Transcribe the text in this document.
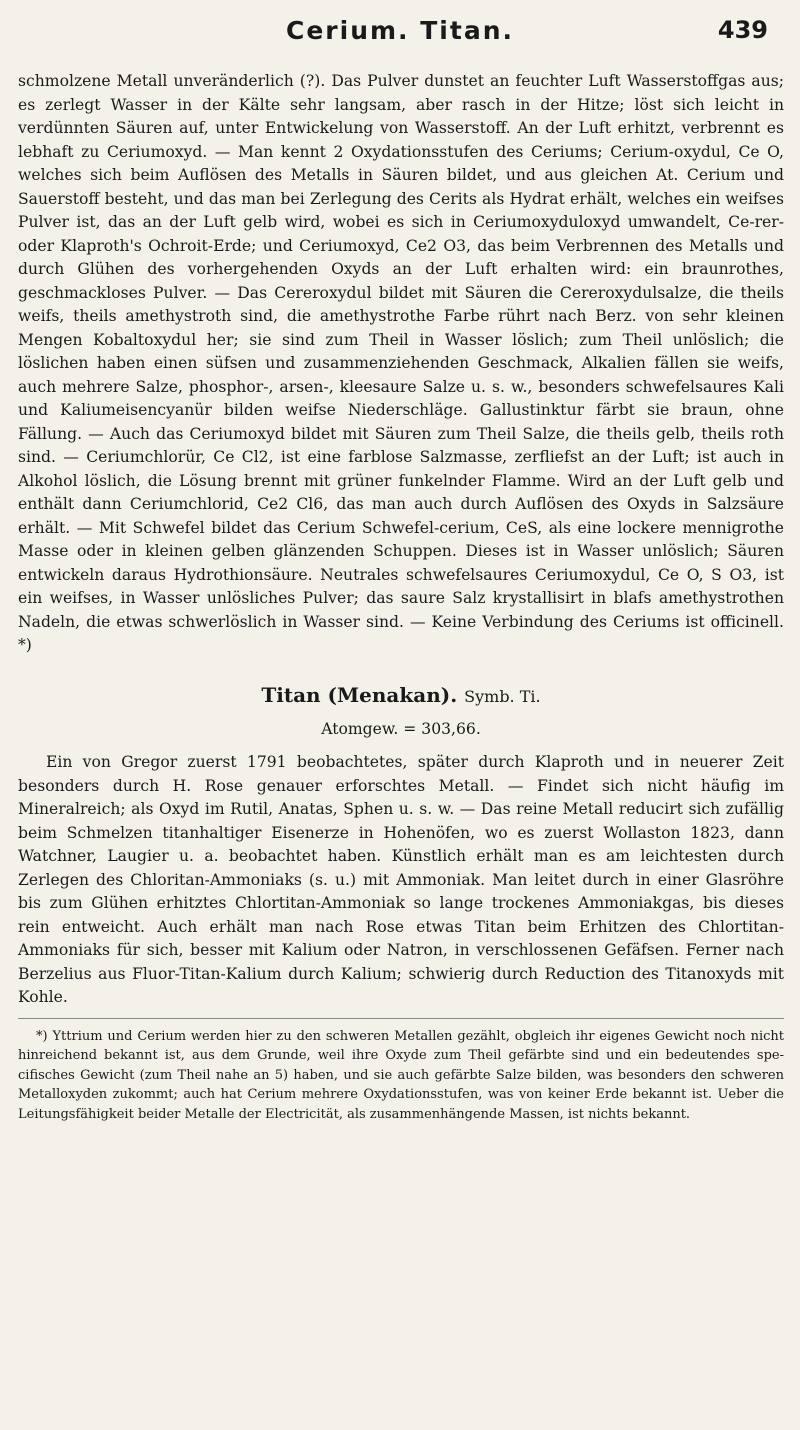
Cerium. Titan.	439

schmolzene Metall unveränderlich (?). Das Pulver dunstet an feuchter Luft Wasserstoffgas aus; es zerlegt Wasser in der Kälte sehr langsam, aber rasch in der Hitze; löst sich leicht in verdünnten Säuren auf, unter Entwickelung von Wasserstoff. An der Luft erhitzt, verbrennt es lebhaft zu Ceriumoxyd. — Man kennt 2 Oxydationsstufen des Ceriums; Cerium-oxydul, Ce O, welches sich beim Auflösen des Metalls in Säuren bildet, und aus gleichen At. Cerium und Sauerstoff besteht, und das man bei Zerlegung des Cerits als Hydrat erhält, welches ein weifses Pulver ist, das an der Luft gelb wird, wobei es sich in Ceriumoxyduloxyd umwandelt, Ce-rer- oder Klaproth's Ochroit-Erde; und Ceriumoxyd, Ce2 O3, das beim Verbrennen des Metalls und durch Glühen des vorhergehenden Oxyds an der Luft erhalten wird: ein braunrothes, geschmackloses Pulver. — Das Cereroxydul bildet mit Säuren die Cereroxydulsalze, die theils weifs, theils amethystroth sind, die amethystrothe Farbe rührt nach Berz. von sehr kleinen Mengen Kobaltoxydul her; sie sind zum Theil in Wasser löslich; zum Theil unlöslich; die löslichen haben einen süfsen und zusammenziehenden Geschmack, Alkalien fällen sie weifs, auch mehrere Salze, phosphor-, arsen-, kleesaure Salze u. s. w., besonders schwefelsaures Kali und Kaliumeisencyanür bilden weifse Niederschläge. Gallustinktur färbt sie braun, ohne Fällung. — Auch das Ceriumoxyd bildet mit Säuren zum Theil Salze, die theils gelb, theils roth sind. — Ceriumchlorür, Ce Cl2, ist eine farblose Salzmasse, zerfliefst an der Luft; ist auch in Alkohol löslich, die Lösung brennt mit grüner funkelnder Flamme. Wird an der Luft gelb und enthält dann Ceriumchlorid, Ce2 Cl6, das man auch durch Auflösen des Oxyds in Salzsäure erhält. — Mit Schwefel bildet das Cerium Schwefel-cerium, CeS, als eine lockere mennigrothe Masse oder in kleinen gelben glänzenden Schuppen. Dieses ist in Wasser unlöslich; Säuren entwickeln daraus Hydrothionsäure. Neutrales schwefelsaures Ceriumoxydul, Ce O, S O3, ist ein weifses, in Wasser unlösliches Pulver; das saure Salz krystallisirt in blafs amethystrothen Nadeln, die etwas schwerlöslich in Wasser sind. — Keine Verbindung des Ceriums ist officinell. *)

Titan (Menakan). Symb. Ti.
Atomgew. = 303,66.

Ein von Gregor zuerst 1791 beobachtetes, später durch Klaproth und in neuerer Zeit besonders durch H. Rose genauer erforschtes Metall. — Findet sich nicht häufig im Mineralreich; als Oxyd im Rutil, Anatas, Sphen u. s. w. — Das reine Metall reducirt sich zufällig beim Schmelzen titanhaltiger Eisenerze in Hohenöfen, wo es zuerst Wollaston 1823, dann Watchner, Laugier u. a. beobachtet haben. Künstlich erhält man es am leichtesten durch Zerlegen des Chloritan-Ammoniaks (s. u.) mit Ammoniak. Man leitet durch in einer Glasröhre bis zum Glühen erhitztes Chlortitan-Ammoniak so lange trockenes Ammoniakgas, bis dieses rein entweicht. Auch erhält man nach Rose etwas Titan beim Erhitzen des Chlortitan-Ammoniaks für sich, besser mit Kalium oder Natron, in verschlossenen Gefäfsen. Ferner nach Berzelius aus Fluor-Titan-Kalium durch Kalium; schwierig durch Reduction des Titanoxyds mit Kohle.

*) Yttrium und Cerium werden hier zu den schweren Metallen gezählt, obgleich ihr eigenes Gewicht noch nicht hinreichend bekannt ist, aus dem Grunde, weil ihre Oxyde zum Theil gefärbte sind und ein bedeutendes spe-cifisches Gewicht (zum Theil nahe an 5) haben, und sie auch gefärbte Salze bilden, was besonders den schweren Metalloxyden zukommt; auch hat Cerium mehrere Oxydationsstufen, was von keiner Erde bekannt ist. Ueber die Leitungsfähigkeit beider Metalle der Electricität, als zusammenhängende Massen, ist nichts bekannt.
